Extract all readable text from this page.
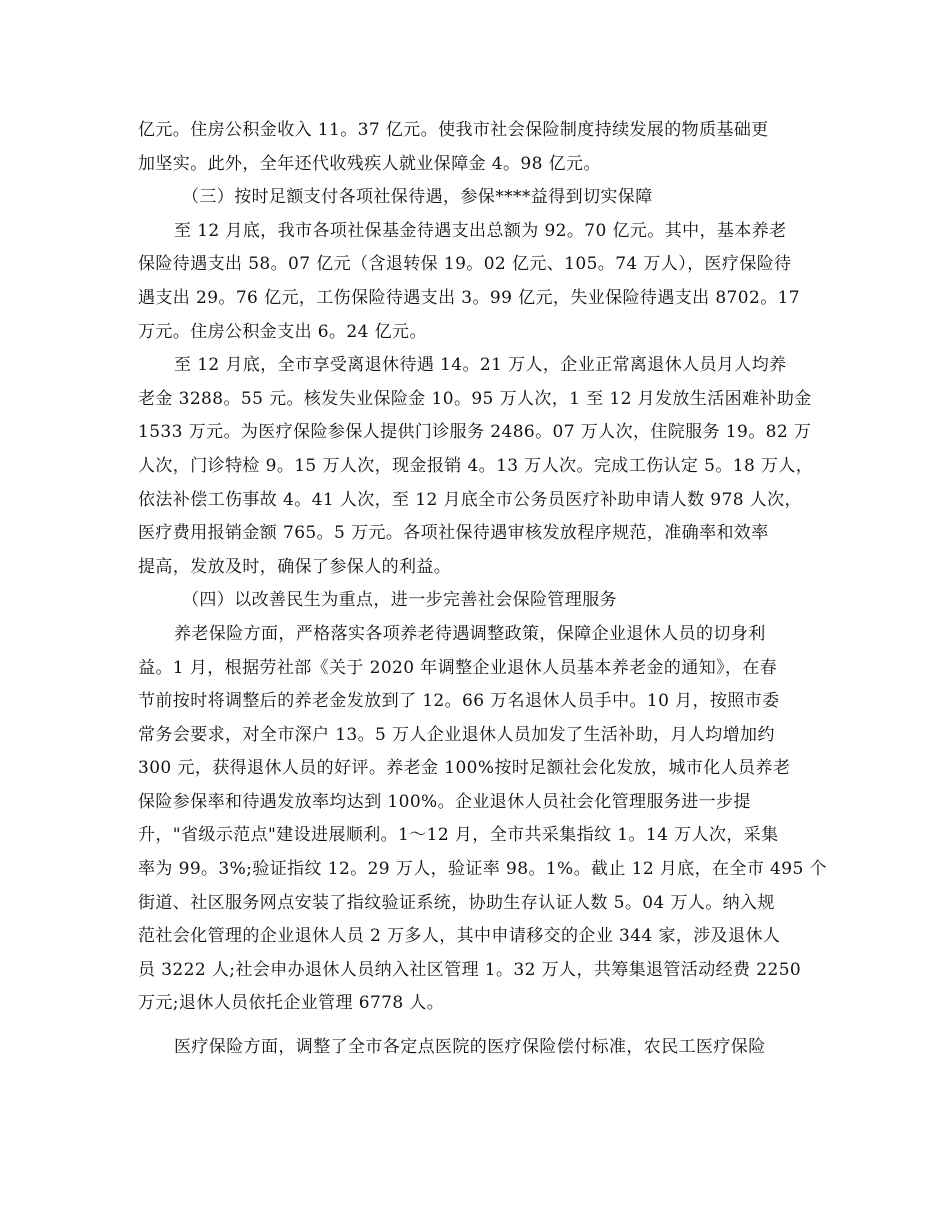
亿元。住房公积金收入 11。37 亿元。使我市社会保险制度持续发展的物质基础更
加坚实。此外，全年还代收残疾人就业保障金 4。98 亿元。
（三）按时足额支付各项社保待遇，参保****益得到切实保障
至 12 月底，我市各项社保基金待遇支出总额为 92。70 亿元。其中，基本养老
保险待遇支出 58。07 亿元（含退转保 19。02 亿元、105。74 万人），医疗保险待
遇支出 29。76 亿元，工伤保险待遇支出 3。99 亿元，失业保险待遇支出 8702。17
万元。住房公积金支出 6。24 亿元。
至 12 月底，全市享受离退休待遇 14。21 万人，企业正常离退休人员月人均养
老金 3288。55 元。核发失业保险金 10。95 万人次，1 至 12 月发放生活困难补助金
1533 万元。为医疗保险参保人提供门诊服务 2486。07 万人次，住院服务 19。82 万
人次，门诊特检 9。15 万人次，现金报销 4。13 万人次。完成工伤认定 5。18 万人，
依法补偿工伤事故 4。41 人次，至 12 月底全市公务员医疗补助申请人数 978 人次，
医疗费用报销金额 765。5 万元。各项社保待遇审核发放程序规范，准确率和效率
提高，发放及时，确保了参保人的利益。
（四）以改善民生为重点，进一步完善社会保险管理服务
养老保险方面，严格落实各项养老待遇调整政策，保障企业退休人员的切身利
益。1 月，根据劳社部《关于 2020 年调整企业退休人员基本养老金的通知》，在春
节前按时将调整后的养老金发放到了 12。66 万名退休人员手中。10 月，按照市委
常务会要求，对全市深户 13。5 万人企业退休人员加发了生活补助，月人均增加约
300 元，获得退休人员的好评。养老金 100%按时足额社会化发放，城市化人员养老
保险参保率和待遇发放率均达到 100%。企业退休人员社会化管理服务进一步提
升，"省级示范点"建设进展顺利。1～12 月，全市共采集指纹 1。14 万人次，采集
率为 99。3%;验证指纹 12。29 万人，验证率 98。1%。截止 12 月底，在全市 495 个
街道、社区服务网点安装了指纹验证系统，协助生存认证人数 5。04 万人。纳入规
范社会化管理的企业退休人员 2 万多人，其中申请移交的企业 344 家，涉及退休人
员 3222 人;社会申办退休人员纳入社区管理 1。32 万人，共筹集退管活动经费 2250
万元;退休人员依托企业管理 6778 人。
医疗保险方面，调整了全市各定点医院的医疗保险偿付标准，农民工医疗保险
